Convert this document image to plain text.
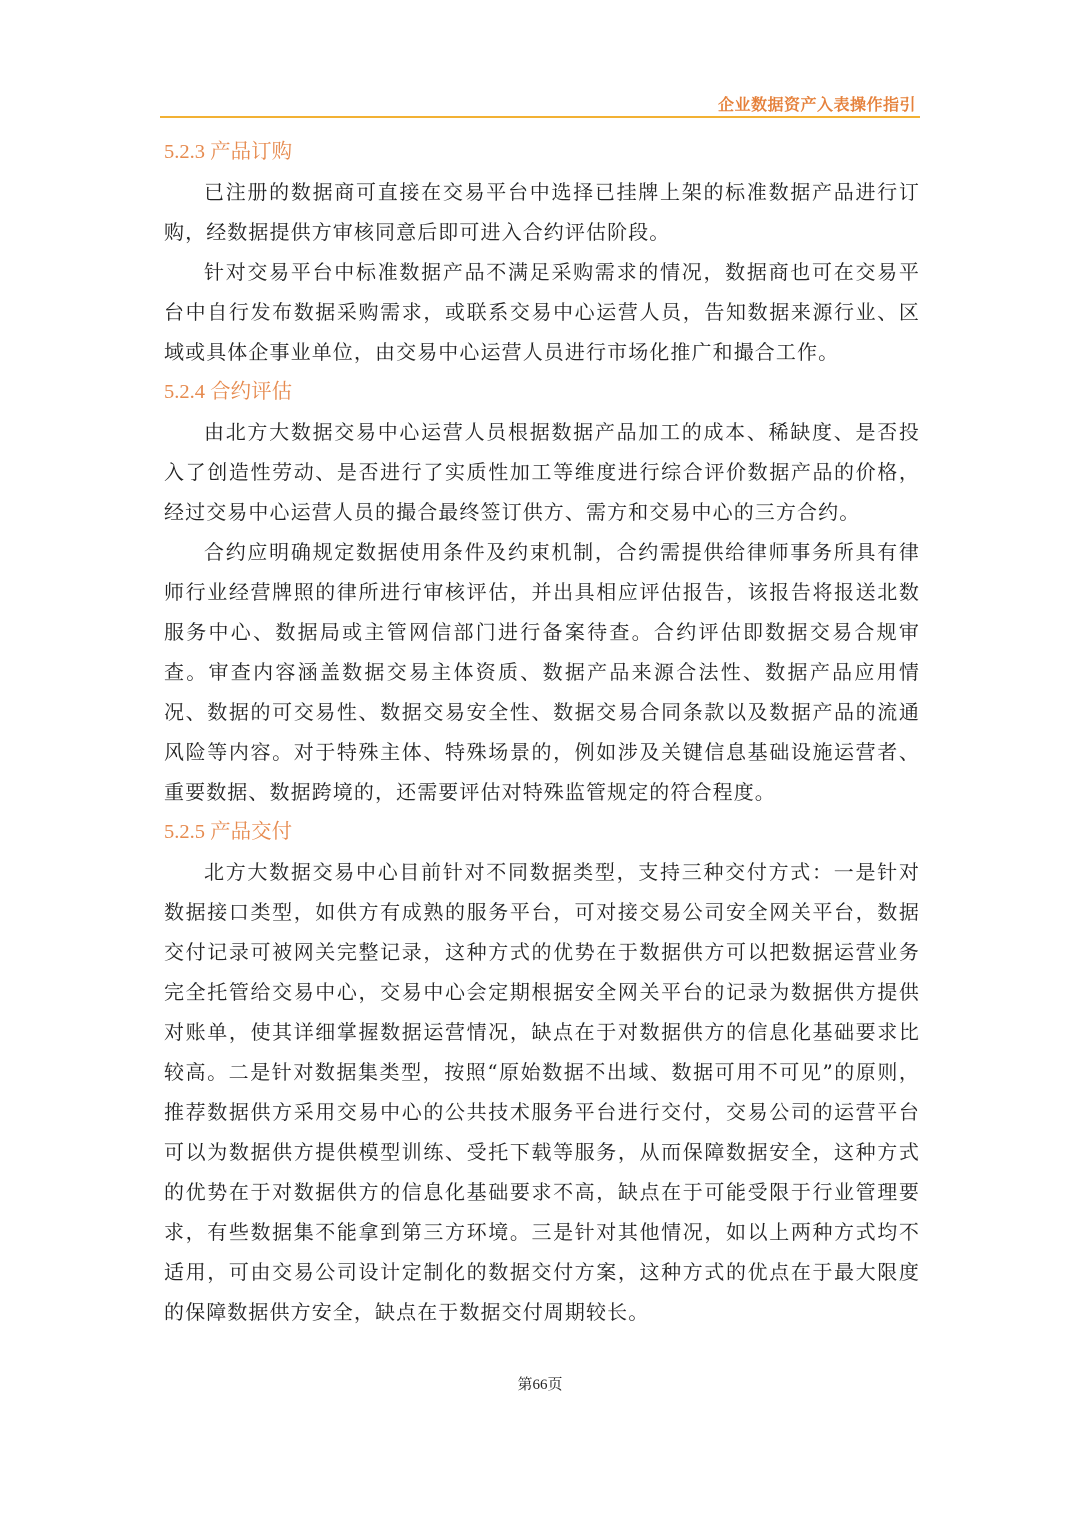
企业数据资产入表操作指引
5.2.3 产品订购

已注册的数据商可直接在交易平台中选择已挂牌上架的标准数据产品进行订购，经数据提供方审核同意后即可进入合约评估阶段。

针对交易平台中标准数据产品不满足采购需求的情况，数据商也可在交易平台中自行发布数据采购需求，或联系交易中心运营人员，告知数据来源行业、区域或具体企事业单位，由交易中心运营人员进行市场化推广和撮合工作。

5.2.4 合约评估

由北方大数据交易中心运营人员根据数据产品加工的成本、稀缺度、是否投入了创造性劳动、是否进行了实质性加工等维度进行综合评价数据产品的价格，经过交易中心运营人员的撮合最终签订供方、需方和交易中心的三方合约。

合约应明确规定数据使用条件及约束机制，合约需提供给律师事务所具有律师行业经营牌照的律所进行审核评估，并出具相应评估报告，该报告将报送北数服务中心、数据局或主管网信部门进行备案待查。合约评估即数据交易合规审查。审查内容涵盖数据交易主体资质、数据产品来源合法性、数据产品应用情况、数据的可交易性、数据交易安全性、数据交易合同条款以及数据产品的流通风险等内容。对于特殊主体、特殊场景的，例如涉及关键信息基础设施运营者、重要数据、数据跨境的，还需要评估对特殊监管规定的符合程度。

5.2.5 产品交付

北方大数据交易中心目前针对不同数据类型，支持三种交付方式：一是针对数据接口类型，如供方有成熟的服务平台，可对接交易公司安全网关平台，数据交付记录可被网关完整记录，这种方式的优势在于数据供方可以把数据运营业务完全托管给交易中心，交易中心会定期根据安全网关平台的记录为数据供方提供对账单，使其详细掌握数据运营情况，缺点在于对数据供方的信息化基础要求比较高。二是针对数据集类型，按照“原始数据不出域、数据可用不可见”的原则，推荐数据供方采用交易中心的公共技术服务平台进行交付，交易公司的运营平台可以为数据供方提供模型训练、受托下载等服务，从而保障数据安全，这种方式的优势在于对数据供方的信息化基础要求不高，缺点在于可能受限于行业管理要求，有些数据集不能拿到第三方环境。三是针对其他情况，如以上两种方式均不适用，可由交易公司设计定制化的数据交付方案，这种方式的优点在于最大限度的保障数据供方安全，缺点在于数据交付周期较长。

第66页
